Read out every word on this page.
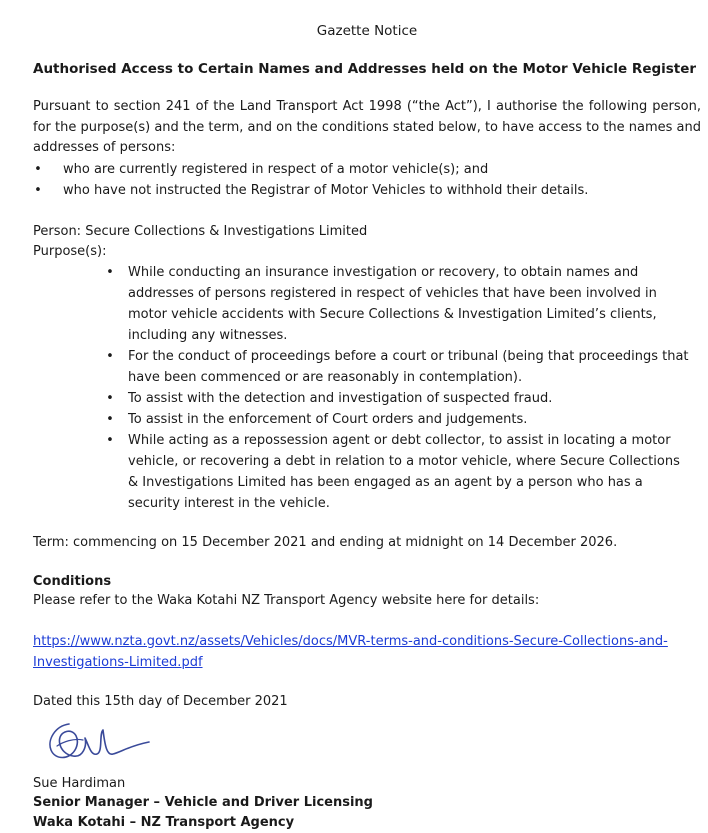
Gazette Notice
Authorised Access to Certain Names and Addresses held on the Motor Vehicle Register
Pursuant to section 241 of the Land Transport Act 1998 (“the Act”), I authorise the following person, for the purpose(s) and the term, and on the conditions stated below, to have access to the names and addresses of persons:
• who are currently registered in respect of a motor vehicle(s); and
• who have not instructed the Registrar of Motor Vehicles to withhold their details.
Person: Secure Collections & Investigations Limited
Purpose(s):
• While conducting an insurance investigation or recovery, to obtain names and addresses of persons registered in respect of vehicles that have been involved in motor vehicle accidents with Secure Collections & Investigation Limited’s clients, including any witnesses.
• For the conduct of proceedings before a court or tribunal (being that proceedings that have been commenced or are reasonably in contemplation).
• To assist with the detection and investigation of suspected fraud.
• To assist in the enforcement of Court orders and judgements.
• While acting as a repossession agent or debt collector, to assist in locating a motor vehicle, or recovering a debt in relation to a motor vehicle, where Secure Collections & Investigations Limited has been engaged as an agent by a person who has a security interest in the vehicle.
Term: commencing on 15 December 2021 and ending at midnight on 14 December 2026.
Conditions
Please refer to the Waka Kotahi NZ Transport Agency website here for details:
https://www.nzta.govt.nz/assets/Vehicles/docs/MVR-terms-and-conditions-Secure-Collections-and-Investigations-Limited.pdf
Dated this 15th day of December 2021
Sue Hardiman
Senior Manager – Vehicle and Driver Licensing
Waka Kotahi – NZ Transport Agency
